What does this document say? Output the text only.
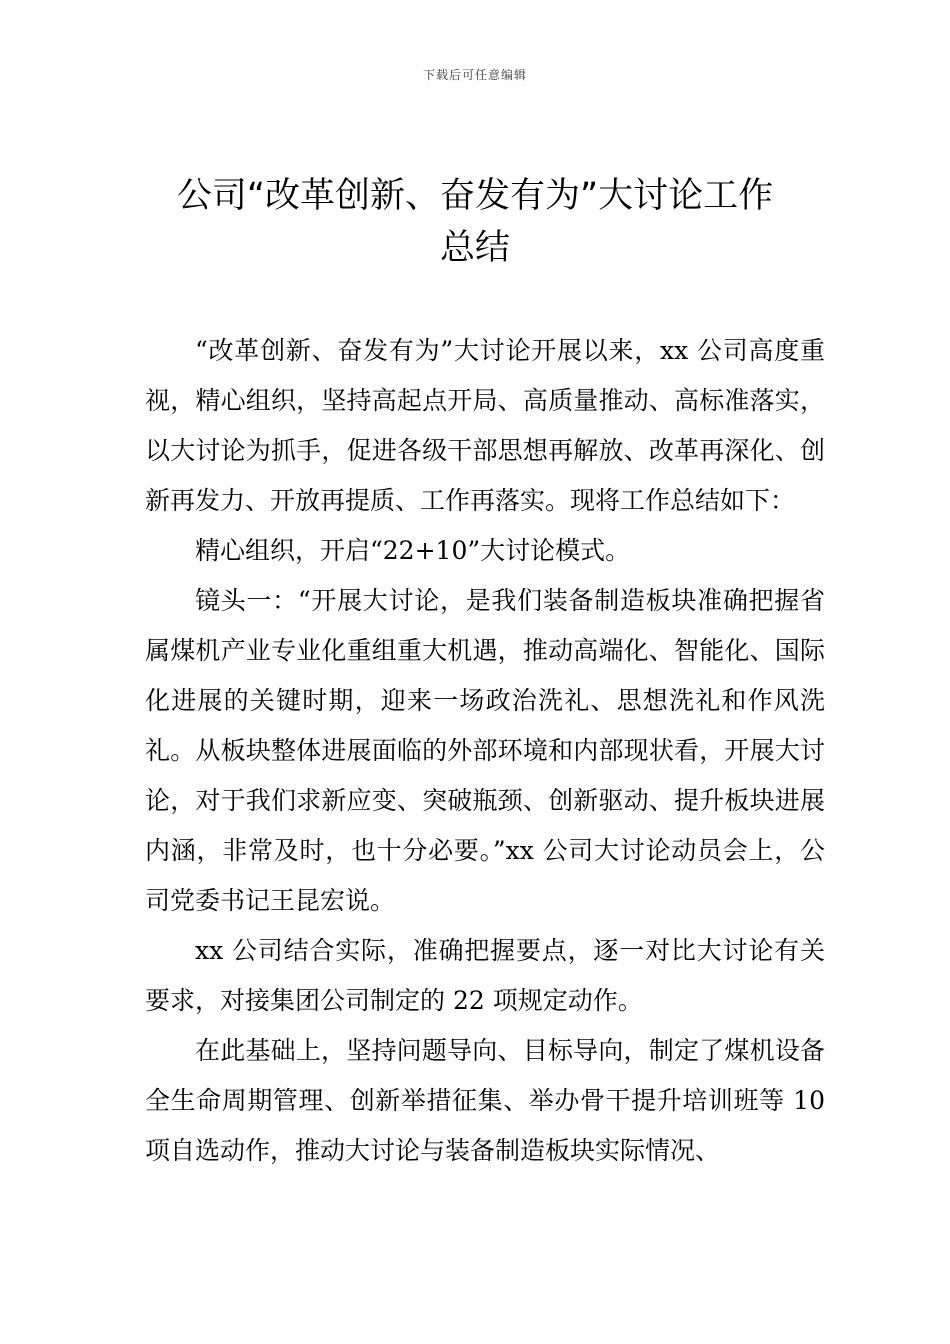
下载后可任意编辑
公司“改革创新、奋发有为”大讨论工作
总结

“改革创新、奋发有为”大讨论开展以来，xx 公司高度重视，精心组织，坚持高起点开局、高质量推动、高标准落实，以大讨论为抓手，促进各级干部思想再解放、改革再深化、创新再发力、开放再提质、工作再落实。现将工作总结如下：

精心组织，开启“22+10”大讨论模式。

镜头一：“开展大讨论，是我们装备制造板块准确把握省属煤机产业专业化重组重大机遇，推动高端化、智能化、国际化进展的关键时期，迎来一场政治洗礼、思想洗礼和作风洗礼。从板块整体进展面临的外部环境和内部现状看，开展大讨论，对于我们求新应变、突破瓶颈、创新驱动、提升板块进展内涵，非常及时，也十分必要。”xx 公司大讨论动员会上，公司党委书记王昆宏说。

xx 公司结合实际，准确把握要点，逐一对比大讨论有关要求，对接集团公司制定的 22 项规定动作。

在此基础上，坚持问题导向、目标导向，制定了煤机设备全生命周期管理、创新举措征集、举办骨干提升培训班等 10 项自选动作，推动大讨论与装备制造板块实际情况、
